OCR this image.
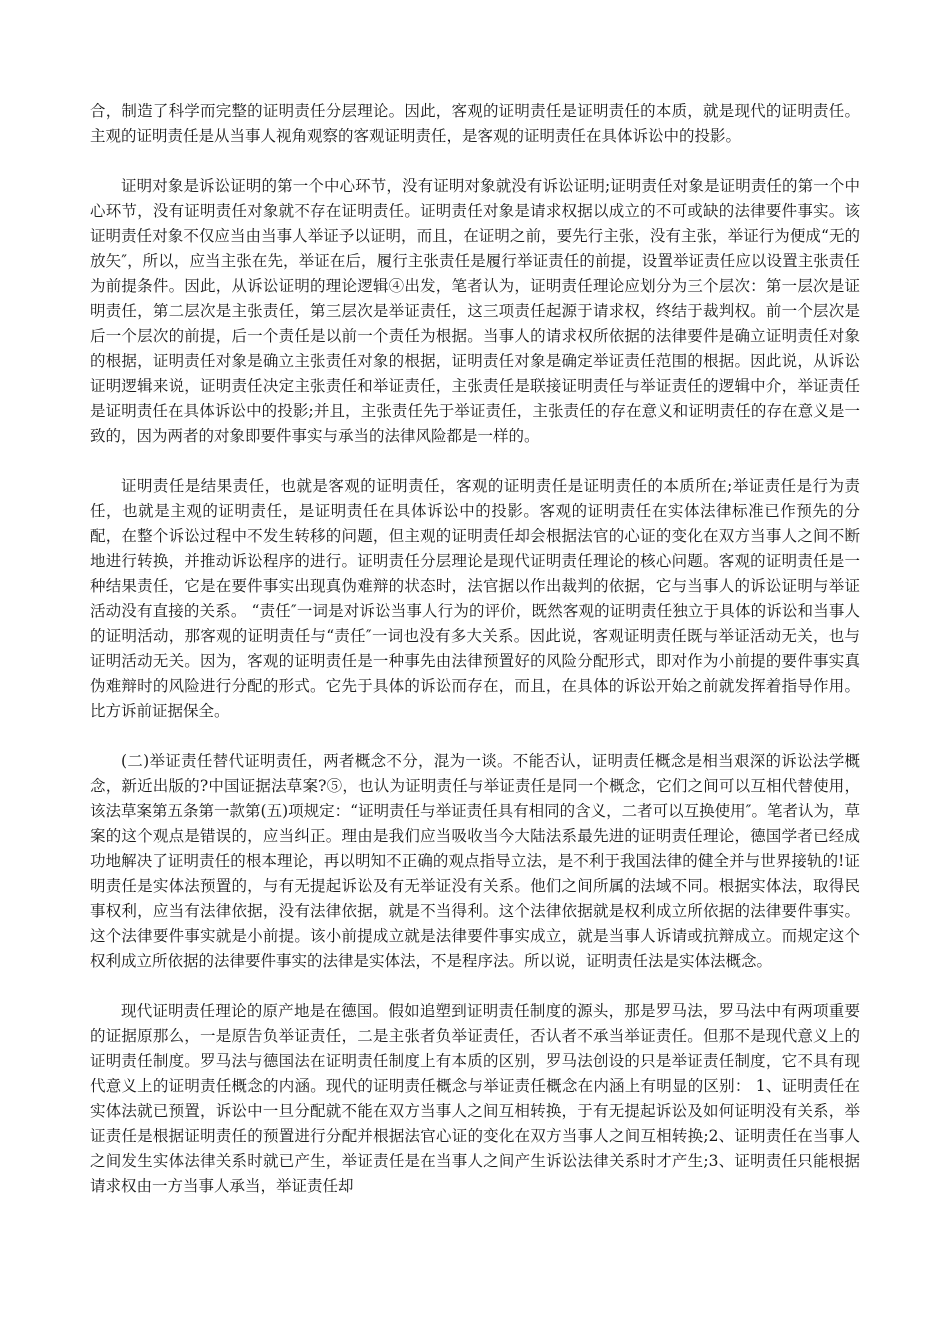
合，制造了科学而完整的证明责任分层理论。因此，客观的证明责任是证明责任的本质，就是现代的证明责任。主观的证明责任是从当事人视角观察的客观证明责任，是客观的证明责任在具体诉讼中的投影。

证明对象是诉讼证明的第一个中心环节，没有证明对象就没有诉讼证明;证明责任对象是证明责任的第一个中心环节，没有证明责任对象就不存在证明责任。证明责任对象是请求权据以成立的不可或缺的法律要件事实。该证明责任对象不仅应当由当事人举证予以证明，而且，在证明之前，要先行主张，没有主张，举证行为便成“无的放矢″，所以，应当主张在先，举证在后，履行主张责任是履行举证责任的前提，设置举证责任应以设置主张责任为前提条件。因此，从诉讼证明的理论逻辑④出发，笔者认为，证明责任理论应划分为三个层次：第一层次是证明责任，第二层次是主张责任，第三层次是举证责任，这三项责任起源于请求权，终结于裁判权。前一个层次是后一个层次的前提，后一个责任是以前一个责任为根据。当事人的请求权所依据的法律要件是确立证明责任对象的根据，证明责任对象是确立主张责任对象的根据，证明责任对象是确定举证责任范围的根据。因此说，从诉讼证明逻辑来说，证明责任决定主张责任和举证责任，主张责任是联接证明责任与举证责任的逻辑中介，举证责任是证明责任在具体诉讼中的投影;并且，主张责任先于举证责任，主张责任的存在意义和证明责任的存在意义是一致的，因为两者的对象即要件事实与承当的法律风险都是一样的。

证明责任是结果责任，也就是客观的证明责任，客观的证明责任是证明责任的本质所在;举证责任是行为责任，也就是主观的证明责任，是证明责任在具体诉讼中的投影。客观的证明责任在实体法律标准已作预先的分配，在整个诉讼过程中不发生转移的问题，但主观的证明责任却会根据法官的心证的变化在双方当事人之间不断地进行转换，并推动诉讼程序的进行。证明责任分层理论是现代证明责任理论的核心问题。客观的证明责任是一种结果责任，它是在要件事实出现真伪难辩的状态时，法官据以作出裁判的依据，它与当事人的诉讼证明与举证活动没有直接的关系。 “责任″一词是对诉讼当事人行为的评价，既然客观的证明责任独立于具体的诉讼和当事人的证明活动，那客观的证明责任与“责任″一词也没有多大关系。因此说，客观证明责任既与举证活动无关，也与证明活动无关。因为，客观的证明责任是一种事先由法律预置好的风险分配形式，即对作为小前提的要件事实真伪难辩时的风险进行分配的形式。它先于具体的诉讼而存在，而且，在具体的诉讼开始之前就发挥着指导作用。比方诉前证据保全。

(二)举证责任替代证明责任，两者概念不分，混为一谈。不能否认，证明责任概念是相当艰深的诉讼法学概念，新近出版的?中国证据法草案?⑤，也认为证明责任与举证责任是同一个概念，它们之间可以互相代替使用，该法草案第五条第一款第(五)项规定：“证明责任与举证责任具有相同的含义，二者可以互换使用″。笔者认为，草案的这个观点是错误的，应当纠正。理由是我们应当吸收当今大陆法系最先进的证明责任理论，德国学者已经成功地解决了证明责任的根本理论，再以明知不正确的观点指导立法，是不利于我国法律的健全并与世界接轨的!证明责任是实体法预置的，与有无提起诉讼及有无举证没有关系。他们之间所属的法域不同。根据实体法，取得民事权利，应当有法律依据，没有法律依据，就是不当得利。这个法律依据就是权利成立所依据的法律要件事实。这个法律要件事实就是小前提。该小前提成立就是法律要件事实成立，就是当事人诉请或抗辩成立。而规定这个权利成立所依据的法律要件事实的法律是实体法，不是程序法。所以说，证明责任法是实体法概念。

现代证明责任理论的原产地是在德国。假如追塑到证明责任制度的源头，那是罗马法，罗马法中有两项重要的证据原那么，一是原告负举证责任，二是主张者负举证责任，否认者不承当举证责任。但那不是现代意义上的证明责任制度。罗马法与德国法在证明责任制度上有本质的区别，罗马法创设的只是举证责任制度，它不具有现代意义上的证明责任概念的内涵。现代的证明责任概念与举证责任概念在内涵上有明显的区别： 1、证明责任在实体法就已预置，诉讼中一旦分配就不能在双方当事人之间互相转换，于有无提起诉讼及如何证明没有关系，举证责任是根据证明责任的预置进行分配并根据法官心证的变化在双方当事人之间互相转换;2、证明责任在当事人之间发生实体法律关系时就已产生，举证责任是在当事人之间产生诉讼法律关系时才产生;3、证明责任只能根据请求权由一方当事人承当，举证责任却
